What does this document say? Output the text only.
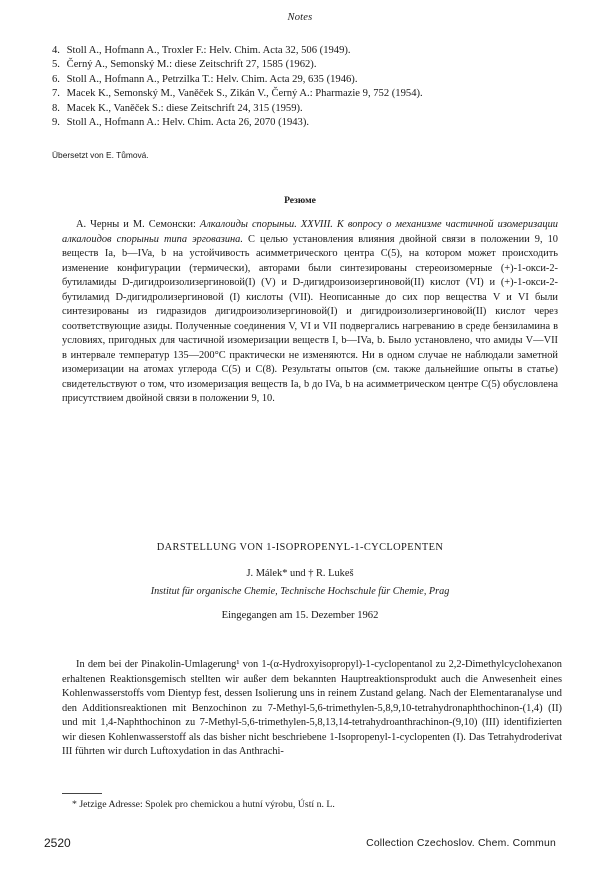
Notes
4. Stoll A., Hofmann A., Troxler F.: Helv. Chim. Acta 32, 506 (1949).
5. Černý A., Semonský M.: diese Zeitschrift 27, 1585 (1962).
6. Stoll A., Hofmann A., Petrzilka T.: Helv. Chim. Acta 29, 635 (1946).
7. Macek K., Semonský M., Vaněček S., Zikán V., Černý A.: Pharmazie 9, 752 (1954).
8. Macek K., Vaněček S.: diese Zeitschrift 24, 315 (1959).
9. Stoll A., Hofmann A.: Helv. Chim. Acta 26, 2070 (1943).
Übersetzt von E. Tůmová.
Резюме
А. Черны и М. Семонски: Алкалоиды спорыньи. XXVIII. К вопросу о механизме частичной изомеризации алкалоидов спорыньи типа эрговазина. С целью установления влияния двойной связи в положении 9, 10 веществ Ia, b—IVa, b на устойчивость асимметрического центра C(5), на котором может происходить изменение конфигурации (термически), авторами были синтезированы стереоизомерные (+)-1-окси-2-бутиламиды D-дигидроизолизергиновой(I) (V) и D-дигидроизоизергиновой(II) кислот (VI) и (+)-1-окси-2-бутиламид D-дигидролизергиновой (I) кислоты (VII). Неописанные до сих пор вещества V и VI были синтезированы из гидразидов дигидроизолизергиновой(I) и дигидроизолизергиновой(II) кислот через соответствующие азиды. Полученные соединения V, VI и VII подвергались нагреванию в среде бензиламина в условиях, пригодных для частичной изомеризации веществ I, b—IVa, b. Было установлено, что амиды V—VII в интервале температур 135—200°C практически не изменяются. Ни в одном случае не наблюдали заметной изомеризации на атомах углерода C(5) и C(8). Результаты опытов (см. также дальнейшие опыты в статье) свидетельствуют о том, что изомеризация веществ Ia, b до IVa, b на асимметрическом центре C(5) обусловлена присутствием двойной связи в положении 9, 10.
DARSTELLUNG VON 1-ISOPROPENYL-1-CYCLOPENTEN
J. Málek* und † R. Lukeš
Institut für organische Chemie, Technische Hochschule für Chemie, Prag
Eingegangen am 15. Dezember 1962
In dem bei der Pinakolin-Umlagerung¹ von 1-(α-Hydroxyisopropyl)-1-cyclopentanol zu 2,2-Dimethylcyclohexanon erhaltenen Reaktionsgemisch stellten wir außer dem bekannten Hauptreaktionsprodukt auch die Anwesenheit eines Kohlenwasserstoffs vom Dientyp fest, dessen Isolierung uns in reinem Zustand gelang. Nach der Elementaranalyse und den Additionsreaktionen mit Benzochinon zu 7-Methyl-5,6-trimethylen-5,8,9,10-tetrahydronaphthochinon-(1,4) (II) und mit 1,4-Naphthochinon zu 7-Methyl-5,6-trimethylen-5,8,13,14-tetrahydroanthrachinon-(9,10) (III) identifizierten wir diesen Kohlenwasserstoff als das bisher nicht beschriebene 1-Isopropenyl-1-cyclopenten (I). Das Tetrahydroderivat III führten wir durch Luftoxydation in das Anthrachi-
* Jetzige Adresse: Spolek pro chemickou a hutní výrobu, Ústí n. L.
2520	Collection Czechoslov. Chem. Commun
